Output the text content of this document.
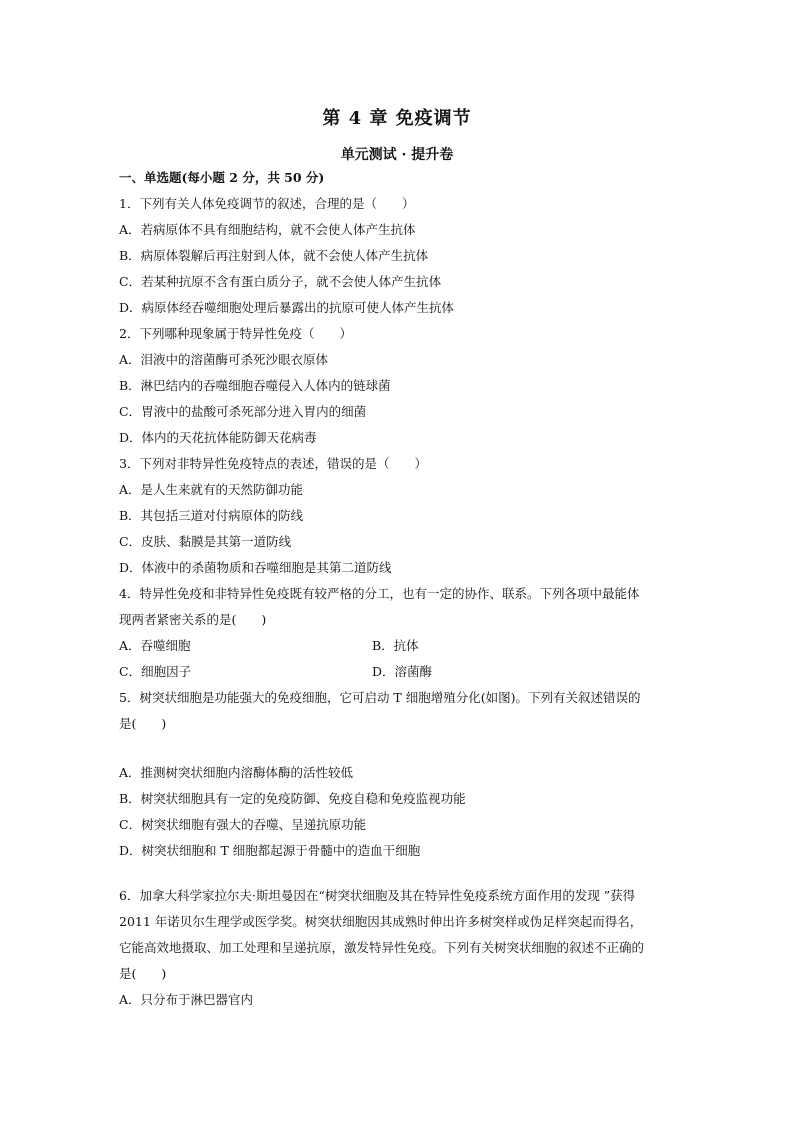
第 4 章 免疫调节
单元测试 · 提升卷
一、单选题(每小题 2 分，共 50 分)
1．下列有关人体免疫调节的叙述，合理的是（　　）
A．若病原体不具有细胞结构，就不会使人体产生抗体
B．病原体裂解后再注射到人体，就不会使人体产生抗体
C．若某种抗原不含有蛋白质分子，就不会使人体产生抗体
D．病原体经吞噬细胞处理后暴露出的抗原可使人体产生抗体
2．下列哪种现象属于特异性免疫（　　）
A．泪液中的溶菌酶可杀死沙眼衣原体
B．淋巴结内的吞噬细胞吞噬侵入人体内的链球菌
C．胃液中的盐酸可杀死部分进入胃内的细菌
D．体内的天花抗体能防御天花病毒
3．下列对非特异性免疫特点的表述，错误的是（　　）
A．是人生来就有的天然防御功能
B．其包括三道对付病原体的防线
C．皮肤、黏膜是其第一道防线
D．体液中的杀菌物质和吞噬细胞是其第二道防线
4．特异性免疫和非特异性免疫既有较严格的分工，也有一定的协作、联系。下列各项中最能体
现两者紧密关系的是(　　)
A．吞噬细胞	B．抗体
C．细胞因子	D．溶菌酶
5．树突状细胞是功能强大的免疫细胞，它可启动 T 细胞增殖分化(如图)。下列有关叙述错误的
是(　　)
A．推测树突状细胞内溶酶体酶的活性较低
B．树突状细胞具有一定的免疫防御、免疫自稳和免疫监视功能
C．树突状细胞有强大的吞噬、呈递抗原功能
D．树突状细胞和 T 细胞都起源于骨髓中的造血干细胞
6．加拿大科学家拉尔夫·斯坦曼因在“树突状细胞及其在特异性免疫系统方面作用的发现 ”获得
2011 年诺贝尔生理学或医学奖。树突状细胞因其成熟时伸出许多树突样或伪足样突起而得名，
它能高效地摄取、加工处理和呈递抗原，激发特异性免疫。下列有关树突状细胞的叙述不正确的
是(　　)
A．只分布于淋巴器官内
